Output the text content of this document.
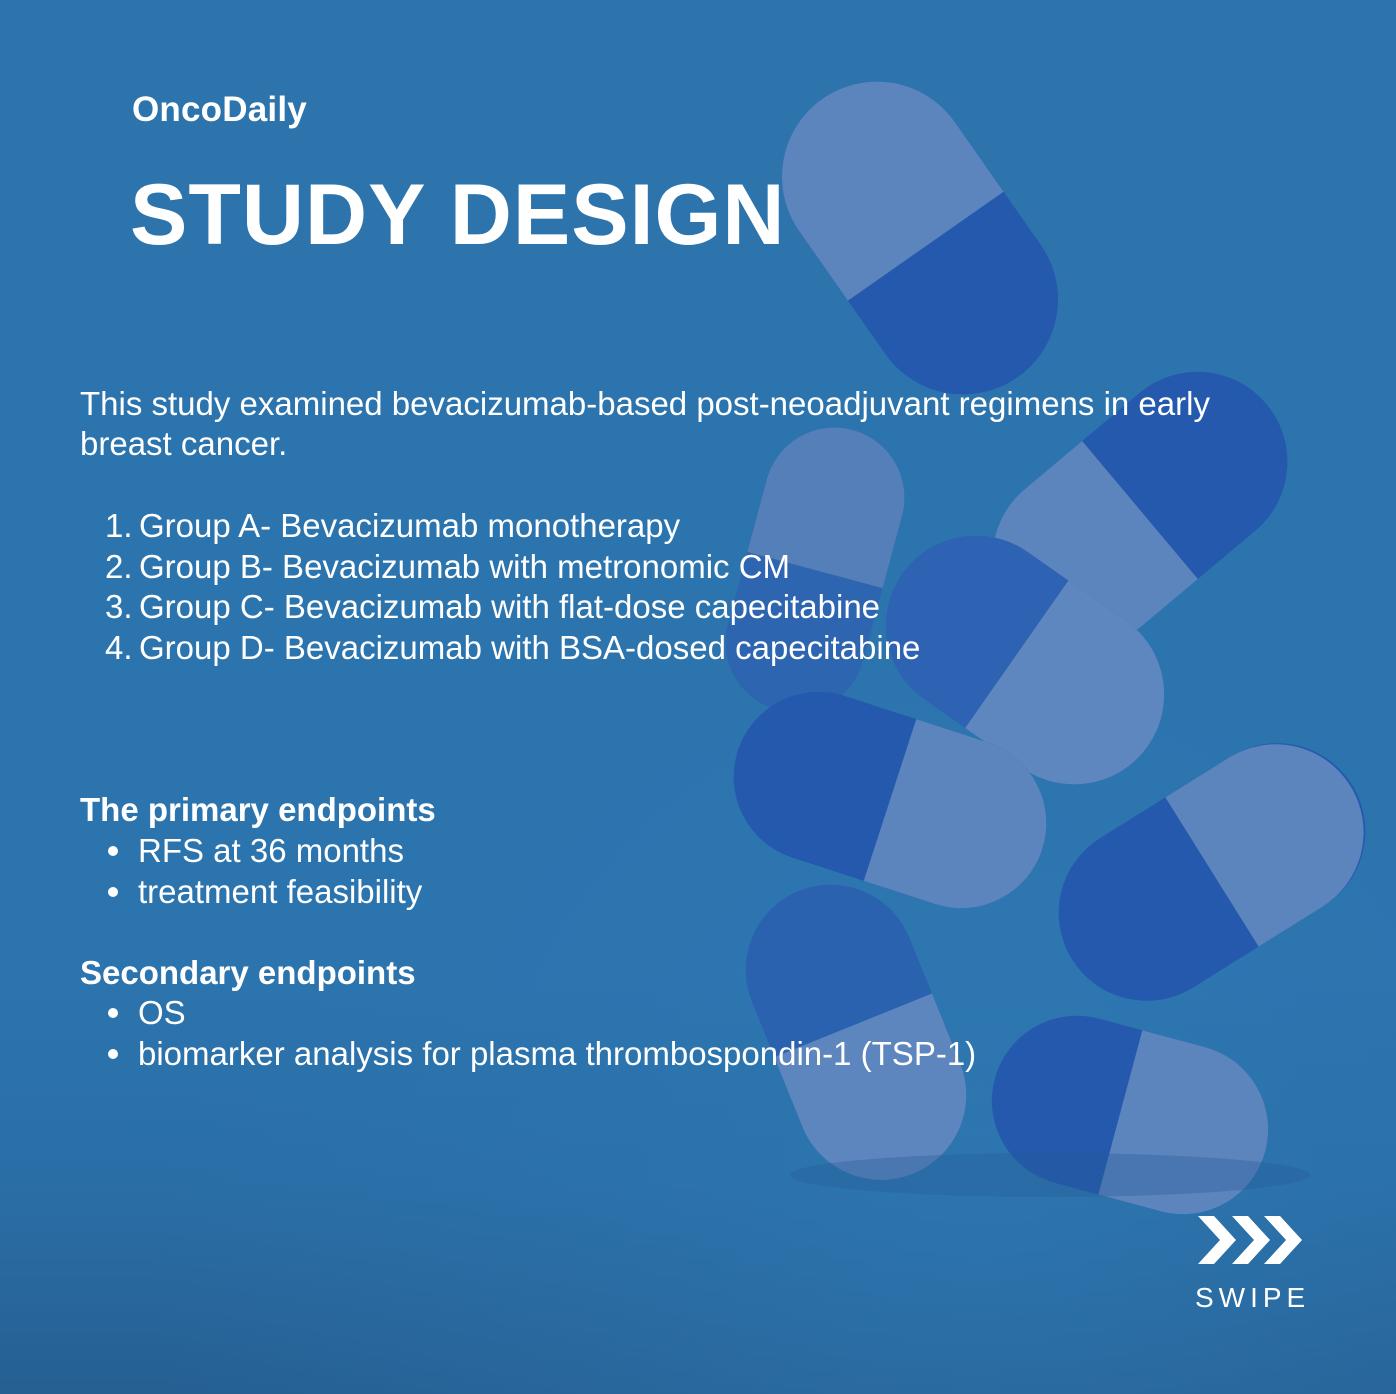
OncoDaily
STUDY DESIGN

This study examined bevacizumab-based post-neoadjuvant regimens in early breast cancer.

1. Group A- Bevacizumab monotherapy
2. Group B- Bevacizumab with metronomic CM
3. Group C- Bevacizumab with flat-dose capecitabine
4. Group D- Bevacizumab with BSA-dosed capecitabine
The primary endpoints
RFS at 36 months
treatment feasibility
Secondary endpoints
OS
biomarker analysis for plasma thrombospondin-1 (TSP-1)
SWIPE
